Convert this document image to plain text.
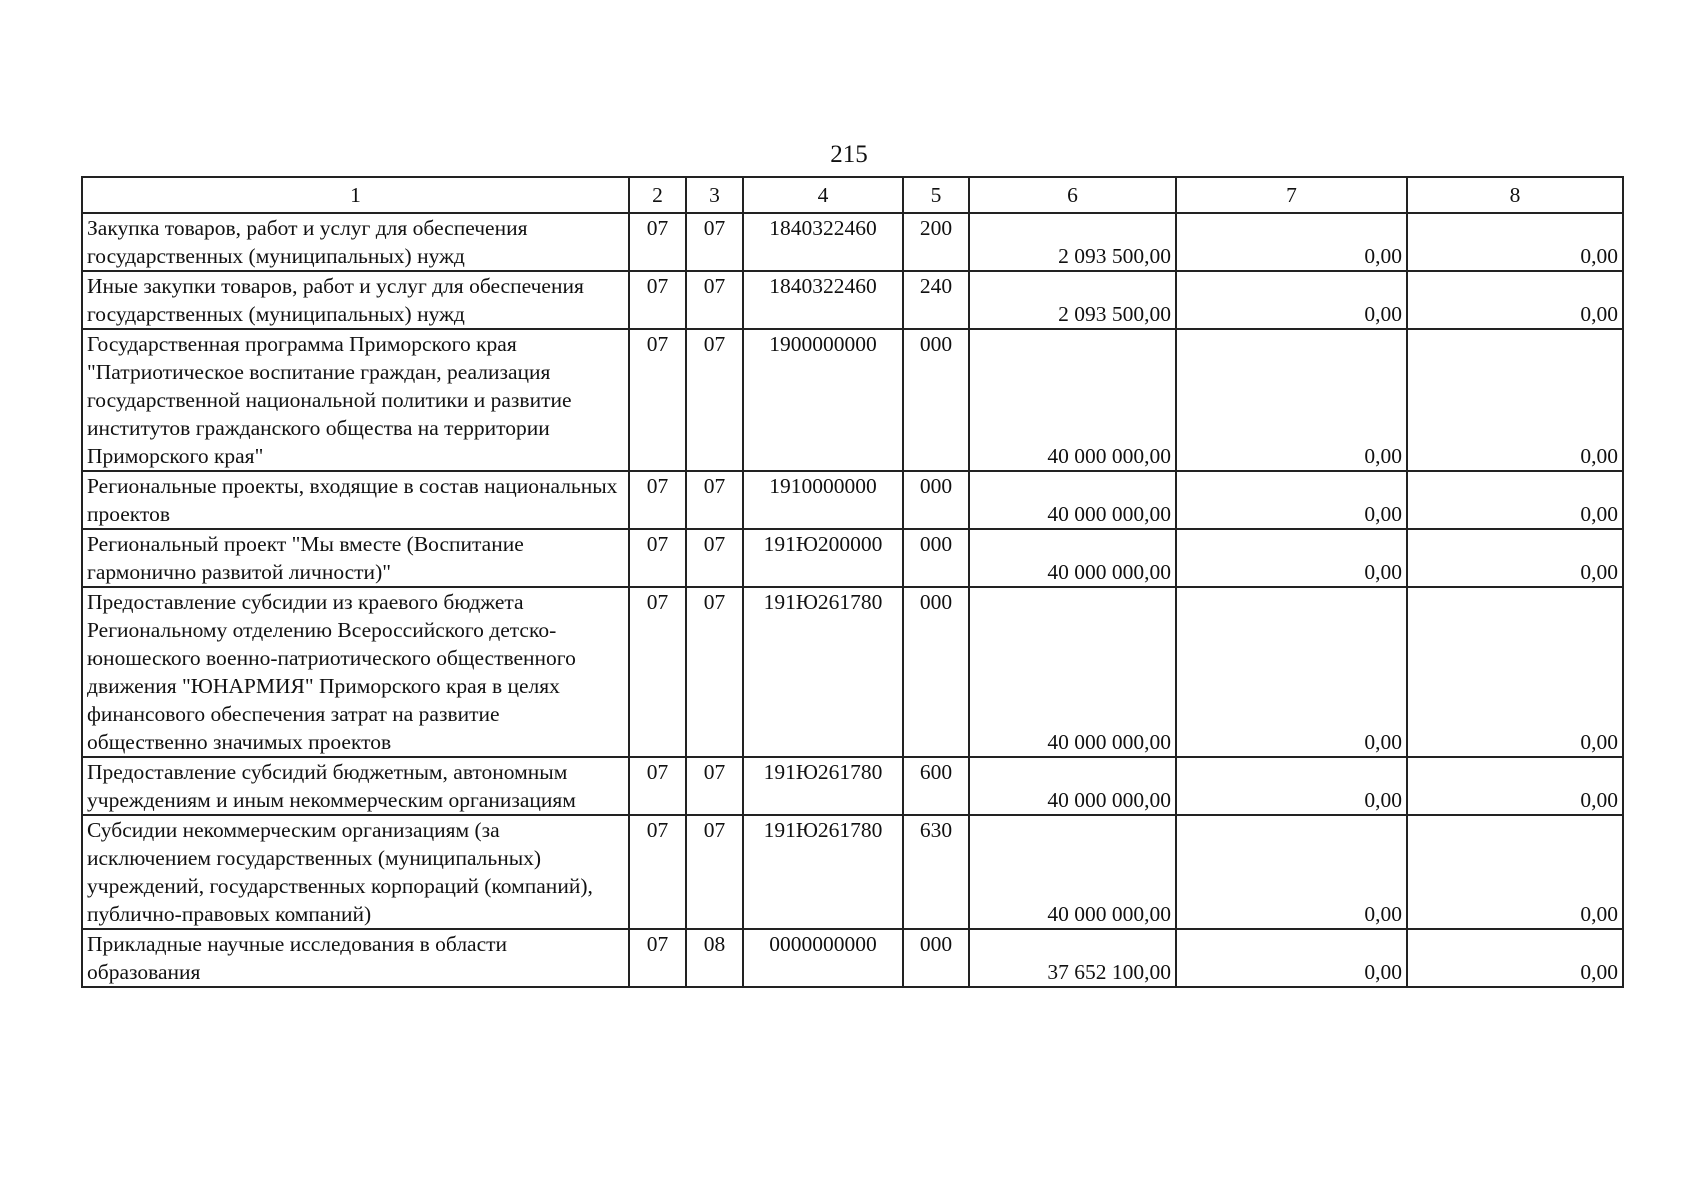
215
1	2	3	4	5	6	7	8
Закупка товаров, работ и услуг для обеспечения государственных (муниципальных) нужд	07	07	1840322460	200	2 093 500,00	0,00	0,00
Иные закупки товаров, работ и услуг для обеспечения государственных (муниципальных) нужд	07	07	1840322460	240	2 093 500,00	0,00	0,00
Государственная программа Приморского края "Патриотическое воспитание граждан, реализация государственной национальной политики и развитие институтов гражданского общества на территории Приморского края"	07	07	1900000000	000	40 000 000,00	0,00	0,00
Региональные проекты, входящие в состав национальных проектов	07	07	1910000000	000	40 000 000,00	0,00	0,00
Региональный проект "Мы вместе (Воспитание гармонично развитой личности)"	07	07	191Ю200000	000	40 000 000,00	0,00	0,00
Предоставление субсидии из краевого бюджета Региональному отделению Всероссийского детско-юношеского военно-патриотического общественного движения "ЮНАРМИЯ" Приморского края в целях финансового обеспечения затрат на развитие общественно значимых проектов	07	07	191Ю261780	000	40 000 000,00	0,00	0,00
Предоставление субсидий бюджетным, автономным учреждениям и иным некоммерческим организациям	07	07	191Ю261780	600	40 000 000,00	0,00	0,00
Субсидии некоммерческим организациям (за исключением государственных (муниципальных) учреждений, государственных корпораций (компаний), публично-правовых компаний)	07	07	191Ю261780	630	40 000 000,00	0,00	0,00
Прикладные научные исследования в области образования	07	08	0000000000	000	37 652 100,00	0,00	0,00
